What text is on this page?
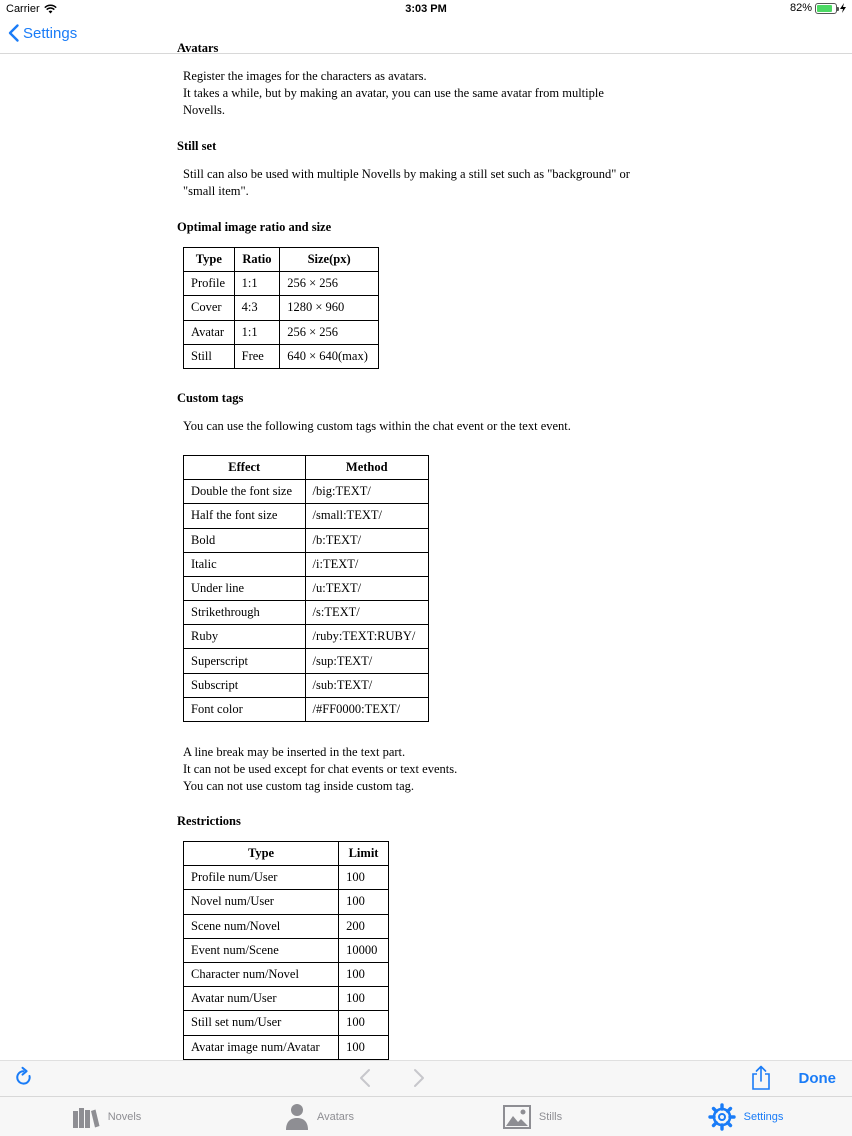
Carrier	3:03 PM	82%
Settings
Avatars
Register the images for the characters as avatars.
It takes a while, but by making an avatar, you can use the same avatar from multiple
Novells.
Still set
Still can also be used with multiple Novells by making a still set such as "background" or
"small item".
Optimal image ratio and size
Type	Ratio	Size(px)
Profile	1:1	256 × 256
Cover	4:3	1280 × 960
Avatar	1:1	256 × 256
Still	Free	640 × 640(max)
Custom tags
You can use the following custom tags within the chat event or the text event.
Effect	Method
Double the font size	/big:TEXT/
Half the font size	/small:TEXT/
Bold	/b:TEXT/
Italic	/i:TEXT/
Under line	/u:TEXT/
Strikethrough	/s:TEXT/
Ruby	/ruby:TEXT:RUBY/
Superscript	/sup:TEXT/
Subscript	/sub:TEXT/
Font color	/#FF0000:TEXT/
A line break may be inserted in the text part.
It can not be used except for chat events or text events.
You can not use custom tag inside custom tag.
Restrictions
Type	Limit
Profile num/User	100
Novel num/User	100
Scene num/Novel	200
Event num/Scene	10000
Character num/Novel	100
Avatar num/User	100
Still set num/User	100
Avatar image num/Avatar	100

Done
Novels	Avatars	Stills	Settings
